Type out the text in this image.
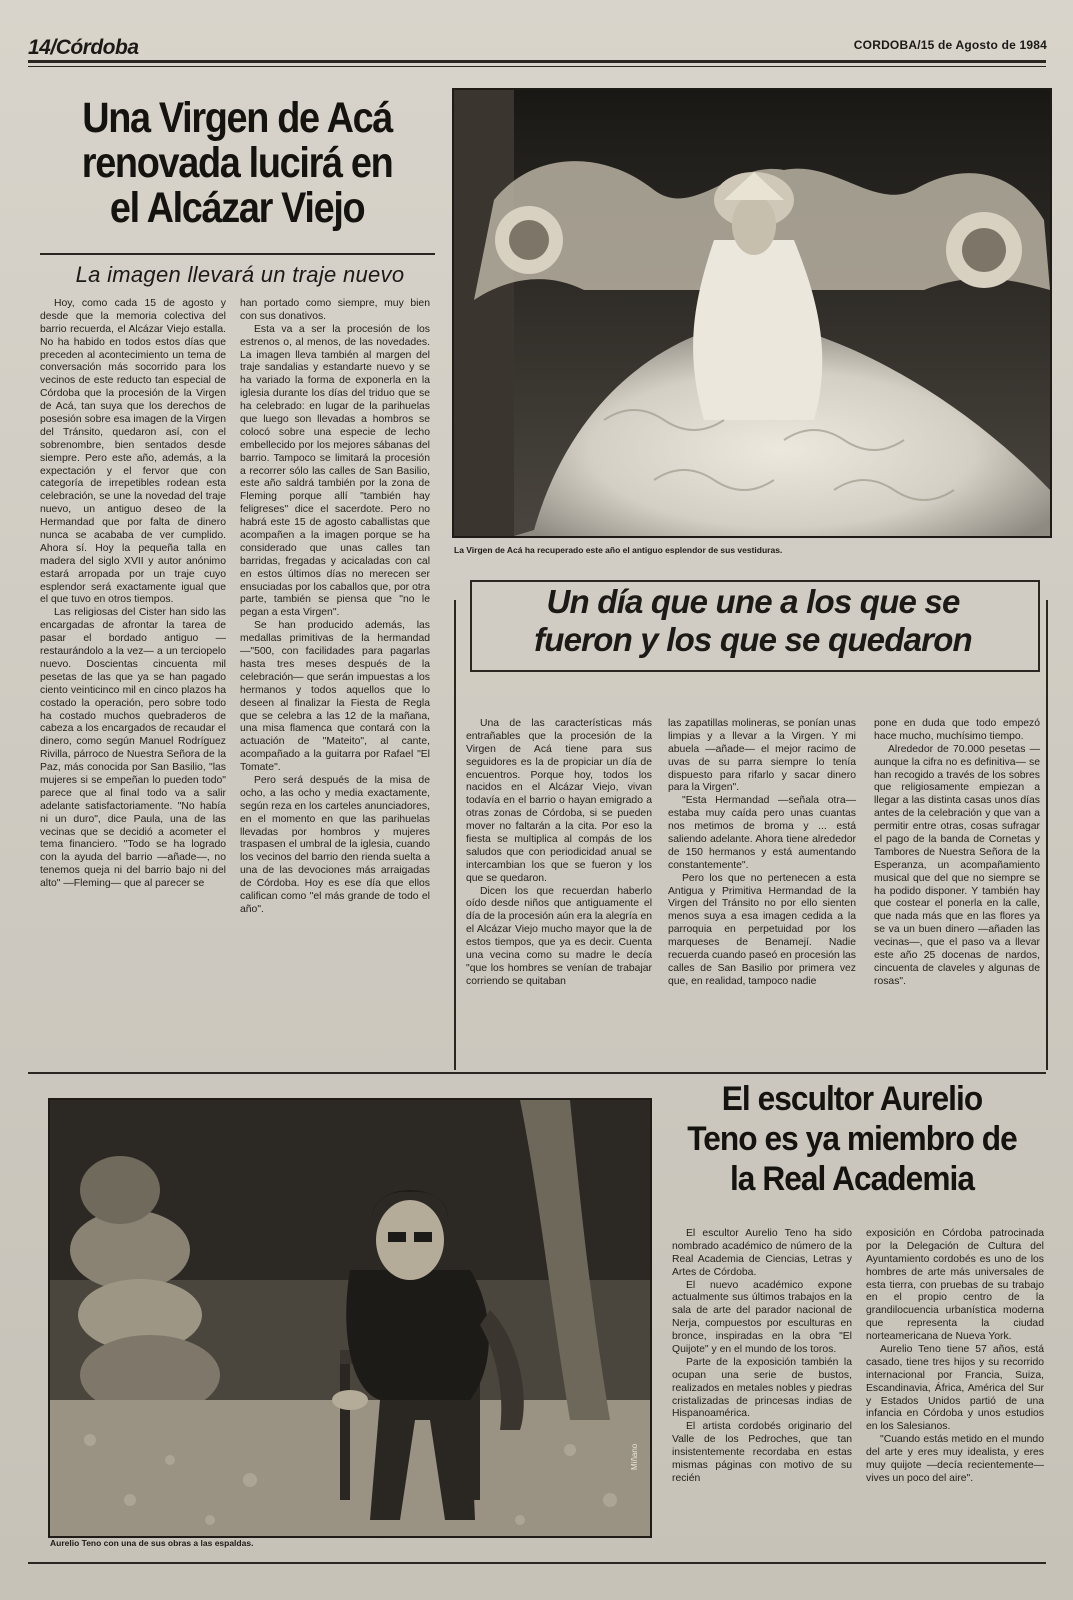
14/Córdoba	CORDOBA/15 de Agosto de 1984
Una Virgen de Acá
renovada lucirá en
el Alcázar Viejo
La imagen llevará un traje nuevo

Hoy, como cada 15 de agosto y desde que la memoria colectiva del barrio recuerda, el Alcázar Viejo estalla. No ha habido en todos estos días que preceden al acontecimiento un tema de conversación más socorrido para los vecinos de este reducto tan especial de Córdoba que la procesión de la Virgen de Acá, tan suya que los derechos de posesión sobre esa imagen de la Virgen del Tránsito, quedaron así, con el sobrenombre, bien sentados desde siempre. Pero este año, además, a la expectación y el fervor que con categoría de irrepetibles rodean esta celebración, se une la novedad del traje nuevo, un antiguo deseo de la Hermandad que por falta de dinero nunca se acababa de ver cumplido. Ahora sí. Hoy la pequeña talla en madera del siglo XVII y autor anónimo estará arropada por un traje cuyo esplendor será exactamente igual que el que tuvo en otros tiempos.

Las religiosas del Cister han sido las encargadas de afrontar la tarea de pasar el bordado antiguo —restaurándolo a la vez— a un terciopelo nuevo. Doscientas cincuenta mil pesetas de las que ya se han pagado ciento veinticinco mil en cinco plazos ha costado la operación, pero sobre todo ha costado muchos quebraderos de cabeza a los encargados de recaudar el dinero, como según Manuel Rodríguez Rivilla, párroco de Nuestra Señora de la Paz, más conocida por San Basilio, "las mujeres si se empeñan lo pueden todo" parece que al final todo va a salir adelante satisfactoriamente. "No había ni un duro", dice Paula, una de las vecinas que se decidió a acometer el tema financiero. "Todo se ha logrado con la ayuda del barrio —añade—, no tenemos queja ni del barrio bajo ni del alto" —Fleming— que al parecer se

han portado como siempre, muy bien con sus donativos.

Esta va a ser la procesión de los estrenos o, al menos, de las novedades. La imagen lleva también al margen del traje sandalias y estandarte nuevo y se ha variado la forma de exponerla en la iglesia durante los días del triduo que se ha celebrado: en lugar de la parihuelas que luego son llevadas a hombros se colocó sobre una especie de lecho embellecido por los mejores sábanas del barrio. Tampoco se limitará la procesión a recorrer sólo las calles de San Basilio, este año saldrá también por la zona de Fleming porque allí "también hay feligreses" dice el sacerdote. Pero no habrá este 15 de agosto caballistas que acompañen a la imagen porque se ha considerado que unas calles tan barridas, fregadas y acicaladas con cal en estos últimos días no merecen ser ensuciadas por los caballos que, por otra parte, también se piensa que "no le pegan a esta Virgen".

Se han producido además, las medallas primitivas de la hermandad —"500, con facilidades para pagarlas hasta tres meses después de la celebración— que serán impuestas a los hermanos y todos aquellos que lo deseen al finalizar la Fiesta de Regla que se celebra a las 12 de la mañana, una misa flamenca que contará con la actuación de "Mateito", al cante, acompañado a la guitarra por Rafael "El Tomate".

Pero será después de la misa de ocho, a las ocho y media exactamente, según reza en los carteles anunciadores, en el momento en que las parihuelas llevadas por hombros y mujeres traspasen el umbral de la iglesia, cuando los vecinos del barrio den rienda suelta a una de las devociones más arraigadas de Córdoba. Hoy es ese día que ellos califican como "el más grande de todo el año".

La Virgen de Acá ha recuperado este año el antiguo esplendor de sus vestiduras.
Un día que une a los que se
fueron y los que se quedaron

Una de las características más entrañables que la procesión de la Virgen de Acá tiene para sus seguidores es la de propiciar un día de encuentros. Porque hoy, todos los nacidos en el Alcázar Viejo, vivan todavía en el barrio o hayan emigrado a otras zonas de Córdoba, si se pueden mover no faltarán a la cita. Por eso la fiesta se multiplica al compás de los saludos que con periodicidad anual se intercambian los que se fueron y los que se quedaron.

Dicen los que recuerdan haberlo oído desde niños que antiguamente el día de la procesión aún era la alegría en el Alcázar Viejo mucho mayor que la de estos tiempos, que ya es decir. Cuenta una vecina como su madre le decía "que los hombres se venían de trabajar corriendo se quitaban

las zapatillas molineras, se ponían unas limpias y a llevar a la Virgen. Y mi abuela —añade— el mejor racimo de uvas de su parra siempre lo tenía dispuesto para rifarlo y sacar dinero para la Virgen".

"Esta Hermandad —señala otra— estaba muy caída pero unas cuantas nos metimos de broma y ... está saliendo adelante. Ahora tiene alrededor de 150 hermanos y está aumentando constantemente".

Pero los que no pertenecen a esta Antigua y Primitiva Hermandad de la Virgen del Tránsito no por ello sienten menos suya a esa imagen cedida a la parroquia en perpetuidad por los marqueses de Benamejí. Nadie recuerda cuando paseó en procesión las calles de San Basilio por primera vez que, en realidad, tampoco nadie

pone en duda que todo empezó hace mucho, muchísimo tiempo.

Alrededor de 70.000 pesetas —aunque la cifra no es definitiva— se han recogido a través de los sobres que religiosamente empiezan a llegar a las distinta casas unos días antes de la celebración y que van a permitir entre otras, cosas sufragar el pago de la banda de Cornetas y Tambores de Nuestra Señora de la Esperanza, un acompañamiento musical que del que no siempre se ha podido disponer. Y también hay que costear el ponerla en la calle, que nada más que en las flores ya se va un buen dinero —añaden las vecinas—, que el paso va a llevar este año 25 docenas de nardos, cincuenta de claveles y algunas de rosas".

Aurelio Teno con una de sus obras a las espaldas.
Miñano
El escultor Aurelio
Teno es ya miembro de
la Real Academia

El escultor Aurelio Teno ha sido nombrado académico de número de la Real Academia de Ciencias, Letras y Artes de Córdoba.

El nuevo académico expone actualmente sus últimos trabajos en la sala de arte del parador nacional de Nerja, compuestos por esculturas en bronce, inspiradas en la obra "El Quijote" y en el mundo de los toros.

Parte de la exposición también la ocupan una serie de bustos, realizados en metales nobles y piedras cristalizadas de princesas indias de Hispanoamérica.

El artista cordobés originario del Valle de los Pedroches, que tan insistentemente recordaba en estas mismas páginas con motivo de su recién

exposición en Córdoba patrocinada por la Delegación de Cultura del Ayuntamiento cordobés es uno de los hombres de arte más universales de esta tierra, con pruebas de su trabajo en el propio centro de la grandilocuencia urbanística moderna que representa la ciudad norteamericana de Nueva York.

Aurelio Teno tiene 57 años, está casado, tiene tres hijos y su recorrido internacional por Francia, Suiza, Escandinavia, África, América del Sur y Estados Unidos partió de una infancia en Córdoba y unos estudios en los Salesianos.

"Cuando estás metido en el mundo del arte y eres muy idealista, y eres muy quijote —decía recientemente— vives un poco del aire".
